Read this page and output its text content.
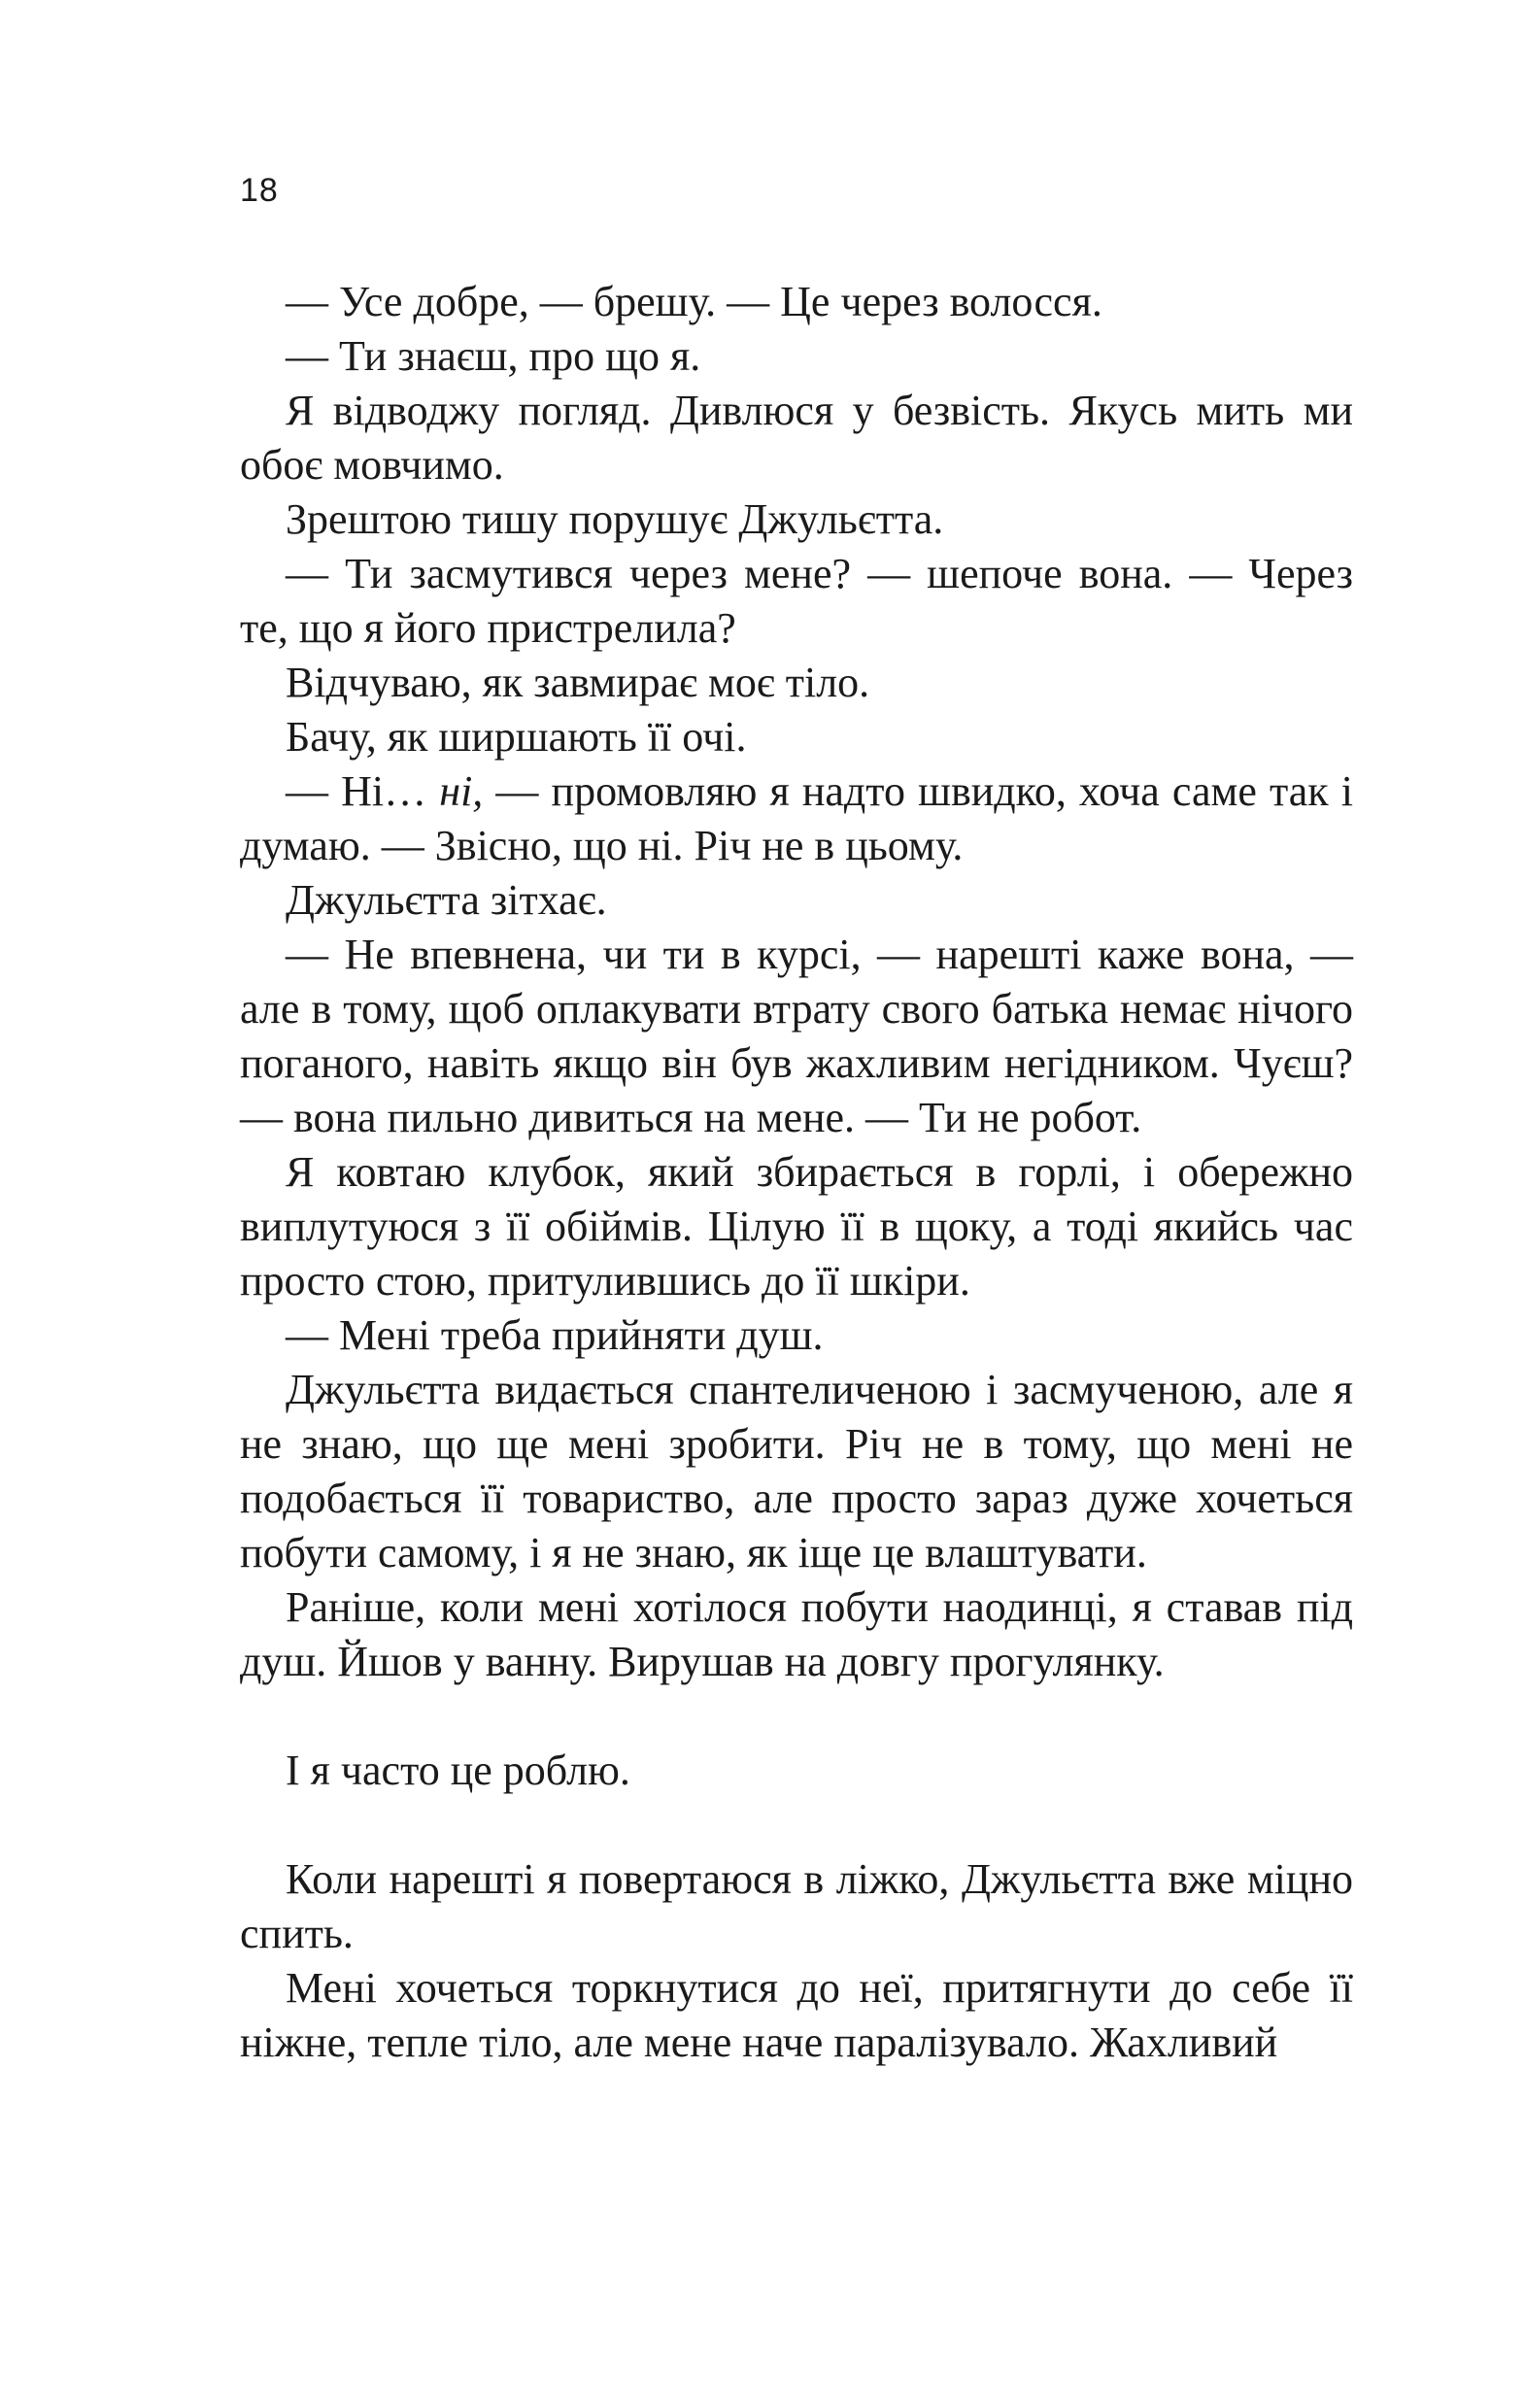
18

— Усе добре, — брешу. — Це через волосся.

— Ти знаєш, про що я.

Я відводжу погляд. Дивлюся у безвість. Якусь мить ми обоє мовчимо.

Зрештою тишу порушує Джульєтта.

— Ти засмутився через мене? — шепоче вона. — Через те, що я його пристрелила?

Відчуваю, як завмирає моє тіло.

Бачу, як ширшають її очі.

— Ні… ні, — промовляю я надто швидко, хоча саме так і думаю. — Звісно, що ні. Річ не в цьому.

Джульєтта зітхає.

— Не впевнена, чи ти в курсі, — нарешті каже вона, — але в тому, щоб оплакувати втрату свого батька немає нічого поганого, навіть якщо він був жахливим негідником. Чуєш? — вона пильно дивиться на мене. — Ти не робот.

Я ковтаю клубок, який збирається в горлі, і обережно виплутуюся з її обіймів. Цілую її в щоку, а тоді якийсь час просто стою, притулившись до її шкіри.

— Мені треба прийняти душ.

Джульєтта видається спантеличеною і засмученою, але я не знаю, що ще мені зробити. Річ не в тому, що мені не подобається її товариство, але просто зараз дуже хочеться побути самому, і я не знаю, як іще це влаштувати.

Раніше, коли мені хотілося побути наодинці, я ставав під душ. Йшов у ванну. Вирушав на довгу прогулянку.

І я часто це роблю.

Коли нарешті я повертаюся в ліжко, Джульєтта вже міцно спить.

Мені хочеться торкнутися до неї, притягнути до себе її ніжне, тепле тіло, але мене наче паралізувало. Жахливий
